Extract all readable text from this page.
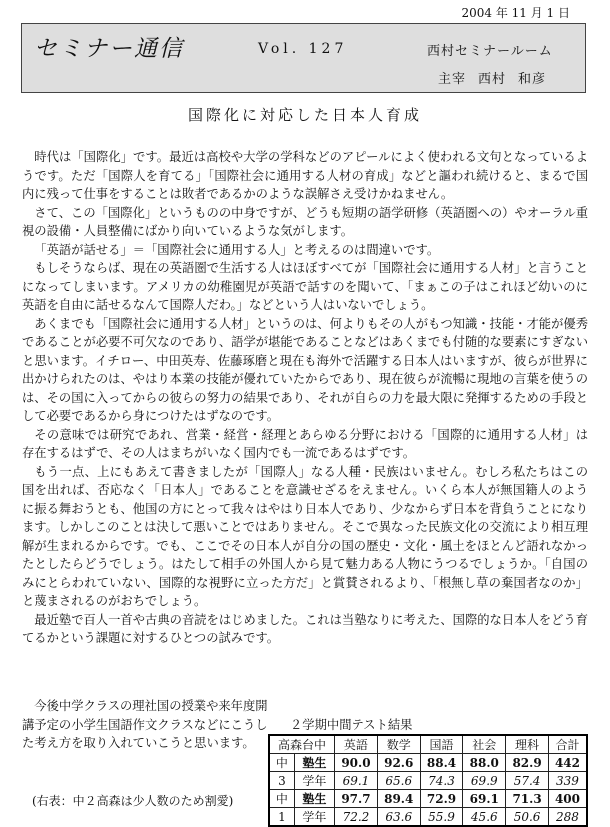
2004 年 11 月 1 日
セミナー通信	Vol. 127	西村セミナールーム
主宰 西村 和彦
国際化に対応した日本人育成

時代は「国際化」です。最近は高校や大学の学科などのアピールによく使われる文句となっているようです。ただ「国際人を育てる」「国際社会に通用する人材の育成」などと謳われ続けると、まるで国内に残って仕事をすることは敗者であるかのような誤解さえ受けかねません。

さて、この「国際化」というものの中身ですが、どうも短期の語学研修（英語圏への）やオーラル重視の設備・人員整備にばかり向いているような気がします。

「英語が話せる」＝「国際社会に通用する人」と考えるのは間違いです。

もしそうならば、現在の英語圏で生活する人はほぼすべてが「国際社会に通用する人材」と言うことになってしまいます。アメリカの幼稚園児が英語で話すのを聞いて、「まぁこの子はこれほど幼いのに英語を自由に話せるなんて国際人だわ。」などという人はいないでしょう。

あくまでも「国際社会に通用する人材」というのは、何よりもその人がもつ知識・技能・才能が優秀であることが必要不可欠なのであり、語学が堪能であることなどはあくまでも付随的な要素にすぎないと思います。イチロー、中田英寿、佐藤琢磨と現在も海外で活躍する日本人はいますが、彼らが世界に出かけられたのは、やはり本業の技能が優れていたからであり、現在彼らが流暢に現地の言葉を使うのは、その国に入ってからの彼らの努力の結果であり、それが自らの力を最大限に発揮するための手段として必要であるから身につけたはずなのです。

その意味では研究であれ、営業・経営・経理とあらゆる分野における「国際的に通用する人材」は存在するはずで、その人はまちがいなく国内でも一流であるはずです。

もう一点、上にもあえて書きましたが「国際人」なる人種・民族はいません。むしろ私たちはこの国を出れば、否応なく「日本人」であることを意識せざるをえません。いくら本人が無国籍人のように振る舞おうとも、他国の方にとって我々はやはり日本人であり、少なからず日本を背負うことになります。しかしこのことは決して悪いことではありません。そこで異なった民族文化の交流により相互理解が生まれるからです。でも、ここでその日本人が自分の国の歴史・文化・風土をほとんど語れなかったとしたらどうでしょう。はたして相手の外国人から見て魅力ある人物にうつるでしょうか。「自国のみにとらわれていない、国際的な視野に立った方だ」と賞賛されるより、「根無し草の棄国者なのか」と蔑まされるのがおちでしょう。

最近塾で百人一首や古典の音読をはじめました。これは当塾なりに考えた、国際的な日本人をどう育てるかという課題に対するひとつの試みです。

今後中学クラスの理社国の授業や来年度開講予定の小学生国語作文クラスなどにこうした考え方を取り入れていこうと思います。

(右表：中２高森は少人数のため割愛)
２学期中間テスト結果
高森台中		英語	数学	国語	社会	理科	合計
中	塾生	90.0	92.6	88.4	88.0	82.9	442
3	学年	69.1	65.6	74.3	69.9	57.4	339
中	塾生	97.7	89.4	72.9	69.1	71.3	400
1	学年	72.2	63.6	55.9	45.6	50.6	288
